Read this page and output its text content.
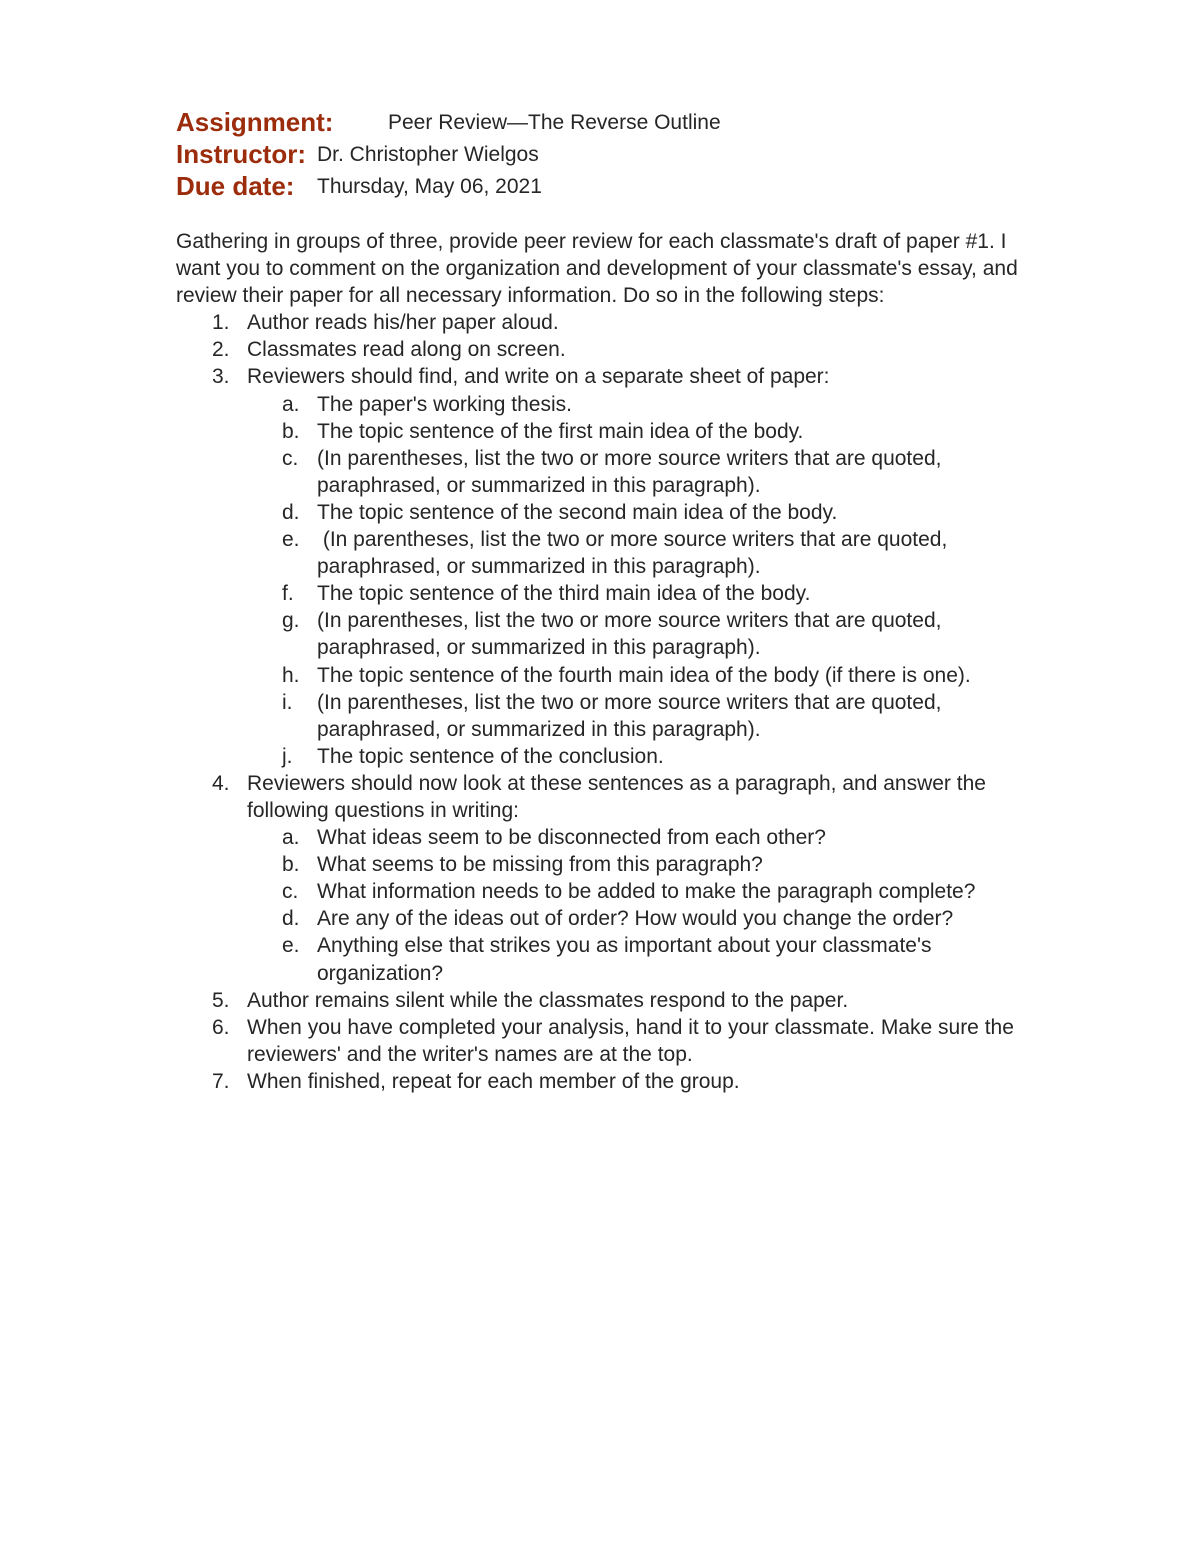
Assignment:	Peer Review—The Reverse Outline
Instructor: Dr. Christopher Wielgos
Due date: Thursday, May 06, 2021

Gathering in groups of three, provide peer review for each classmate's draft of paper #1. I want you to comment on the organization and development of your classmate's essay, and review their paper for all necessary information. Do so in the following steps:

1. Author reads his/her paper aloud.
2. Classmates read along on screen.
3. Reviewers should find, and write on a separate sheet of paper:
a. The paper's working thesis.
b. The topic sentence of the first main idea of the body.
c. (In parentheses, list the two or more source writers that are quoted, paraphrased, or summarized in this paragraph).
d. The topic sentence of the second main idea of the body.
e. (In parentheses, list the two or more source writers that are quoted, paraphrased, or summarized in this paragraph).
f. The topic sentence of the third main idea of the body.
g. (In parentheses, list the two or more source writers that are quoted, paraphrased, or summarized in this paragraph).
h. The topic sentence of the fourth main idea of the body (if there is one).
i. (In parentheses, list the two or more source writers that are quoted, paraphrased, or summarized in this paragraph).
j. The topic sentence of the conclusion.
4. Reviewers should now look at these sentences as a paragraph, and answer the following questions in writing:
a. What ideas seem to be disconnected from each other?
b. What seems to be missing from this paragraph?
c. What information needs to be added to make the paragraph complete?
d. Are any of the ideas out of order? How would you change the order?
e. Anything else that strikes you as important about your classmate's organization?
5. Author remains silent while the classmates respond to the paper.
6. When you have completed your analysis, hand it to your classmate. Make sure the reviewers' and the writer's names are at the top.
7. When finished, repeat for each member of the group.
